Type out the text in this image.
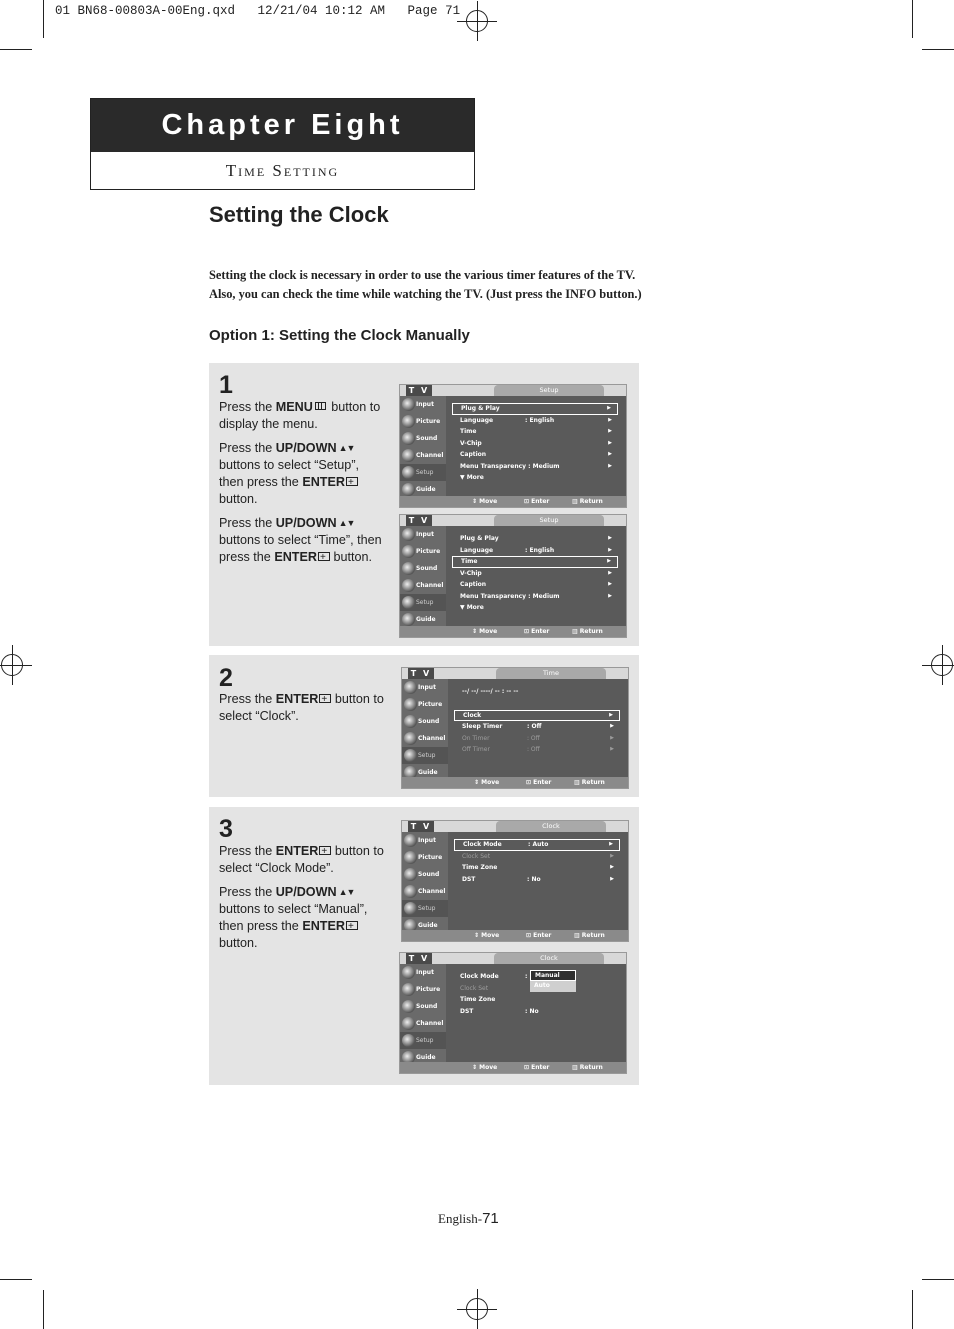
01 BN68-00803A-00Eng.qxd   12/21/04 10:12 AM   Page 71
Chapter Eight
Time Setting
Setting the Clock
Setting the clock is necessary in order to use the various timer features of the TV.
Also, you can check the time while watching the TV. (Just press the INFO button.)
Option 1: Setting the Clock Manually
1

Press the MENU button to display the menu.

Press the UP/DOWN ▲▼ buttons to select “Setup”, then press the ENTER+ button.

Press the UP/DOWN ▲▼ buttons to select “Time”, then press the ENTER+ button.

2

Press the ENTER+ button to select “Clock”.

3

Press the ENTER+ button to select “Clock Mode”.

Press the UP/DOWN ▲▼ buttons to select “Manual”, then press the ENTER+ button.

T V	Setup
Input
Picture
Sound
Channel
Setup
Guide
Plug & Play	▶
Language	: English	▶
Time	▶
V-Chip	▶
Caption	▶
Menu Transparency : Medium	▶
▼ More
⇕ Move	⊡ Enter	▥ Return
T V	Setup
Input
Picture
Sound
Channel
Setup
Guide
Plug & Play	▶
Language	: English	▶
Time	▶
V-Chip	▶
Caption	▶
Menu Transparency : Medium	▶
▼ More
⇕ Move	⊡ Enter	▥ Return
T V	Time
Input
Picture
Sound
Channel
Setup
Guide
--/ --/ ----/ -- : -- --
Clock	▶
Sleep Timer	: Off	▶
On Timer	: Off	▶
Off Timer	: Off	▶
⇕ Move	⊡ Enter	▥ Return
T V	Clock
Input
Picture
Sound
Channel
Setup
Guide
Clock Mode	: Auto	▶
Clock Set	▶
Time Zone	▶
DST	: No	▶
⇕ Move	⊡ Enter	▥ Return
T V	Clock
Input
Picture
Sound
Channel
Setup
Guide
Clock Mode	:
Clock Set
Time Zone
DST	: No
Manual
Auto
⇕ Move	⊡ Enter	▥ Return
English-71
